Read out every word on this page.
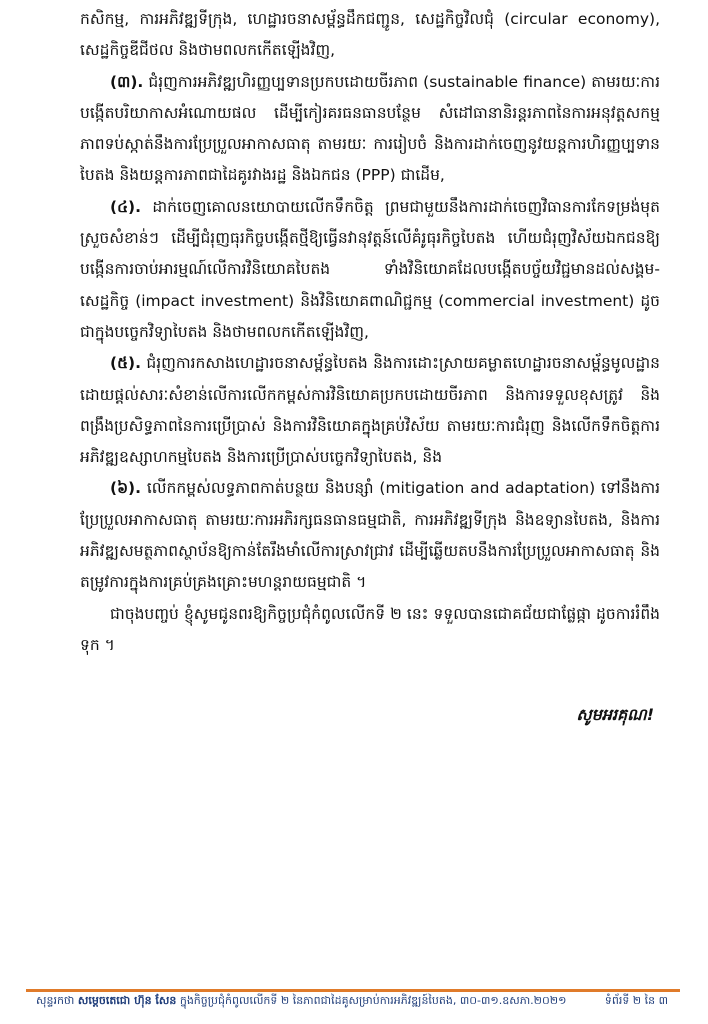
កសិកម្ម, ការអភិវឌ្ឍទីក្រុង, ហេដ្ឋារចនាសម្ព័ន្ធដឹកជញ្ជូន, សេដ្ឋកិច្ចវិលជុំ (circular economy), សេដ្ឋកិច្ចឌីជីថល និងថាមពលកកើតឡើងវិញ,

(៣). ជំរុញការអភិវឌ្ឍហិរញ្ញប្បទានប្រកបដោយចីរភាព (sustainable finance) តាមរយៈការបង្កើតបរិយាកាសអំណោយផល ដើម្បីកៀរគរធនធានបន្ថែម សំដៅធានានិរន្តរភាពនៃការអនុវត្តសកម្មភាពទប់ស្កាត់នឹងការប្រែប្រួលអាកាសធាតុ តាមរយៈ ការរៀបចំ និងការដាក់ចេញនូវយន្តការហិរញ្ញប្បទានបៃតង និងយន្តការភាពជាដៃគូរវាងរដ្ឋ និងឯកជន (PPP) ជាដើម,

(៤). ដាក់ចេញគោលនយោបាយលើកទឹកចិត្ត ព្រមជាមួយនឹងការដាក់ចេញវិធានការកែទម្រង់មុតស្រួចសំខាន់ៗ ដើម្បីជំរុញធុរកិច្ចបង្កើតថ្មីឱ្យធ្វើនវានុវត្តន៍លើគំរូធុរកិច្ចបៃតង ហើយជំរុញវិស័យឯកជនឱ្យបង្កើនការចាប់អារម្មណ៍លើការវិនិយោគបៃតង ទាំងវិនិយោគដែលបង្កើតបច្ច័យវិជ្ជមានដល់សង្គម-សេដ្ឋកិច្ច (impact investment) និងវិនិយោគពាណិជ្ជកម្ម (commercial investment) ដូចជាក្នុងបច្ចេកវិទ្យាបៃតង និងថាមពលកកើតឡើងវិញ,

(៥). ជំរុញការកសាងហេដ្ឋារចនាសម្ព័ន្ធបៃតង និងការដោះស្រាយគម្លាតហេដ្ឋារចនាសម្ព័ន្ធមូលដ្ឋាន ដោយផ្ដល់សារៈសំខាន់លើការលើកកម្ពស់ការវិនិយោគប្រកបដោយចីរភាព និងការទទួលខុសត្រូវ និងពង្រឹងប្រសិទ្ធភាពនៃការប្រើប្រាស់ និងការវិនិយោគក្នុងគ្រប់វិស័យ តាមរយៈការជំរុញ និងលើកទឹកចិត្តការអភិវឌ្ឍឧស្សាហកម្មបៃតង និងការប្រើប្រាស់បច្ចេកវិទ្យាបៃតង, និង

(៦). លើកកម្ពស់លទ្ធភាពកាត់បន្ថយ និងបន្សាំ (mitigation and adaptation) ទៅនឹងការប្រែប្រួលអាកាសធាតុ តាមរយៈការអភិរក្សធនធានធម្មជាតិ, ការអភិវឌ្ឍទីក្រុង និងឧទ្យានបៃតង, និងការអភិវឌ្ឍសមត្ថភាពស្ថាប័នឱ្យកាន់តែរឹងមាំលើការស្រាវជ្រាវ ដើម្បីឆ្លើយតបនឹងការប្រែប្រួលអាកាសធាតុ និងតម្រូវការក្នុងការគ្រប់គ្រងគ្រោះមហន្តរាយធម្មជាតិ ។

ជាចុងបញ្ចប់ ខ្ញុំសូមជូនពរឱ្យកិច្ចប្រជុំកំពូលលើកទី ២ នេះ ទទួលបានជោគជ័យជាផ្លែផ្កា ដូចការរំពឹងទុក ។

សូមអរគុណ!
សុន្ទរកថា សម្ដេចតេជោ ហ៊ុន សែន ក្នុងកិច្ចប្រជុំកំពូលលើកទី ២ នៃភាពជាដៃគូសម្រាប់ការអភិវឌ្ឍន៍បៃតង, ៣០-៣១.ឧសភា.២០២១	ទំព័រទី ២ នៃ ៣
